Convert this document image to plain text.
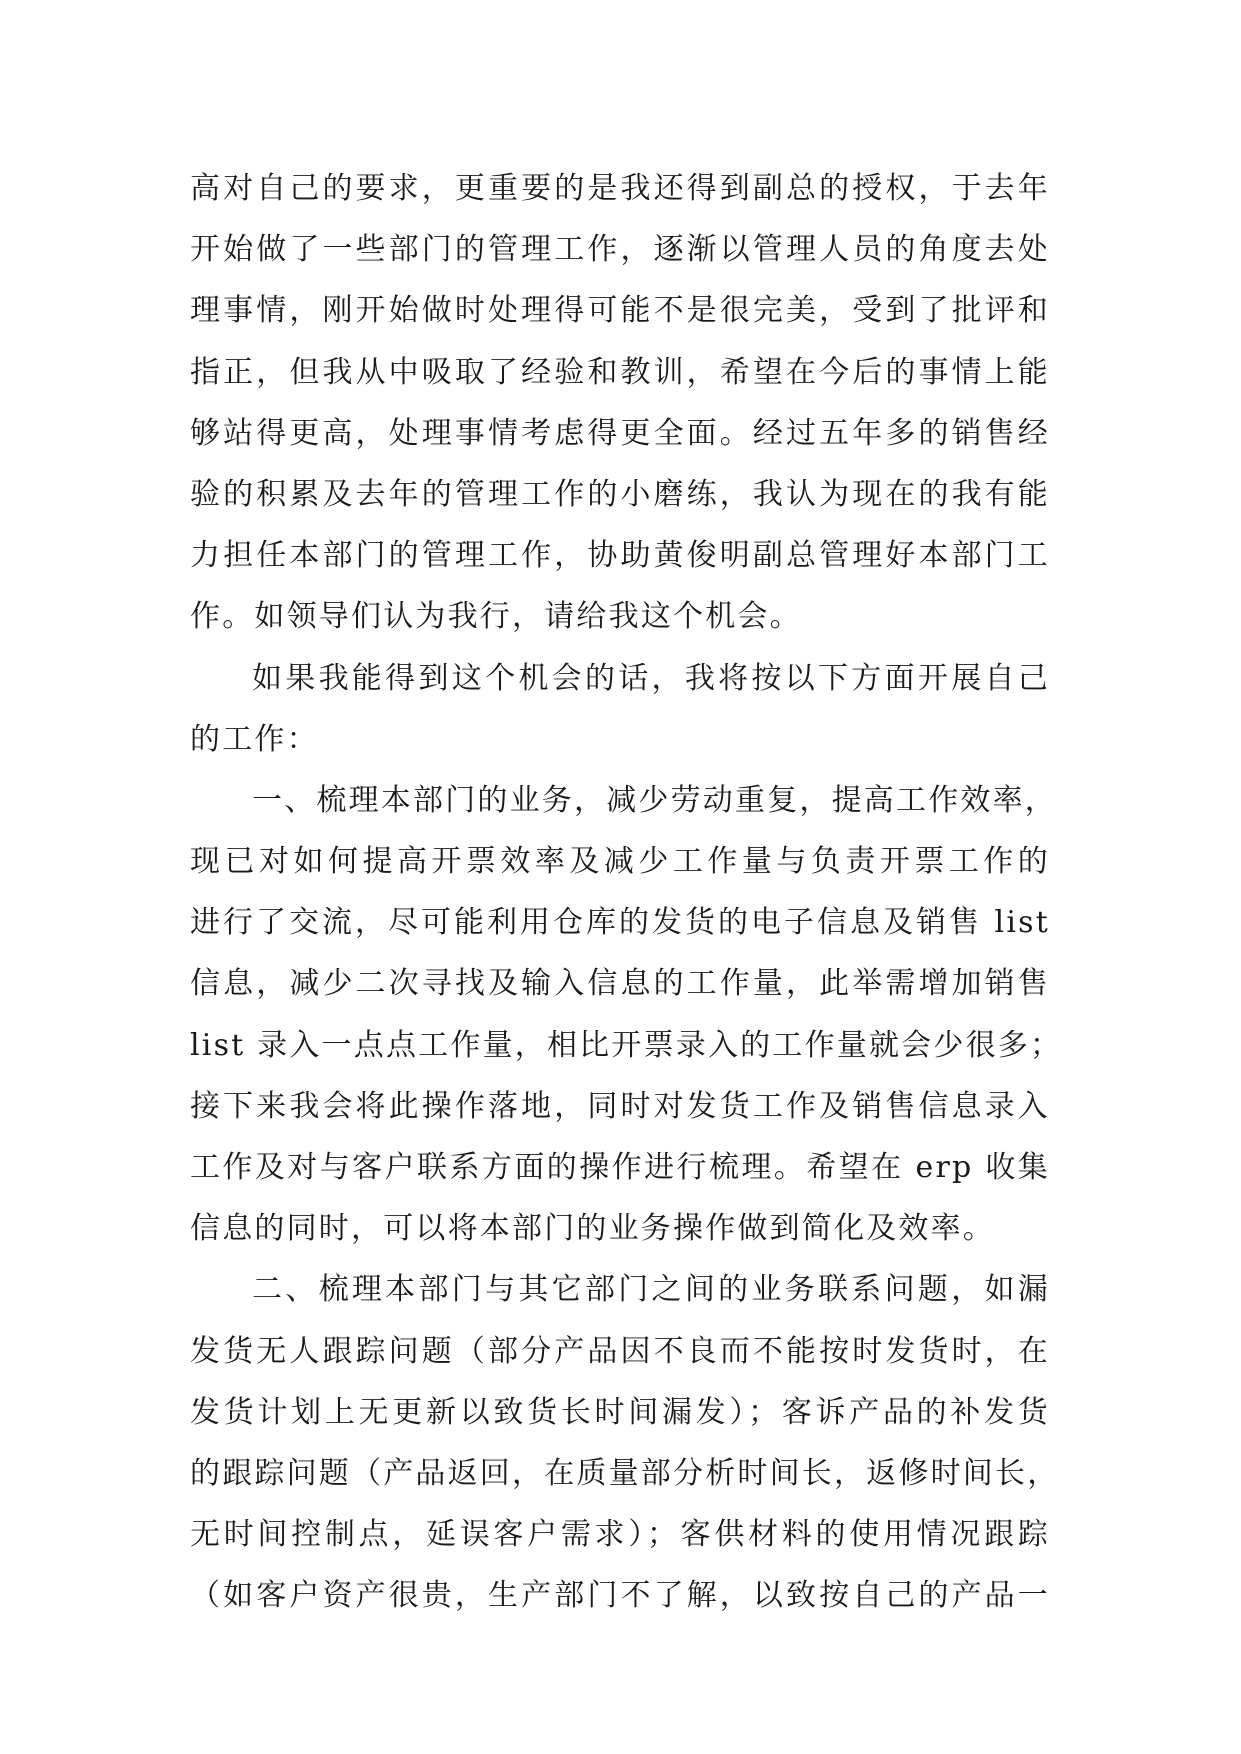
高对自己的要求，更重要的是我还得到副总的授权，于去年
开始做了一些部门的管理工作，逐渐以管理人员的角度去处
理事情，刚开始做时处理得可能不是很完美，受到了批评和
指正，但我从中吸取了经验和教训，希望在今后的事情上能
够站得更高，处理事情考虑得更全面。经过五年多的销售经
验的积累及去年的管理工作的小磨练，我认为现在的我有能
力担任本部门的管理工作，协助黄俊明副总管理好本部门工
作。如领导们认为我行，请给我这个机会。
如果我能得到这个机会的话，我将按以下方面开展自己
的工作：
一、梳理本部门的业务，减少劳动重复，提高工作效率，
现已对如何提高开票效率及减少工作量与负责开票工作的
进行了交流，尽可能利用仓库的发货的电子信息及销售 list
信息，减少二次寻找及输入信息的工作量，此举需增加销售
list 录入一点点工作量，相比开票录入的工作量就会少很多；
接下来我会将此操作落地，同时对发货工作及销售信息录入
工作及对与客户联系方面的操作进行梳理。希望在 erp 收集
信息的同时，可以将本部门的业务操作做到简化及效率。
二、梳理本部门与其它部门之间的业务联系问题，如漏
发货无人跟踪问题（部分产品因不良而不能按时发货时，在
发货计划上无更新以致货长时间漏发）；客诉产品的补发货
的跟踪问题（产品返回，在质量部分析时间长，返修时间长，
无时间控制点，延误客户需求）；客供材料的使用情况跟踪
（如客户资产很贵，生产部门不了解，以致按自己的产品一
